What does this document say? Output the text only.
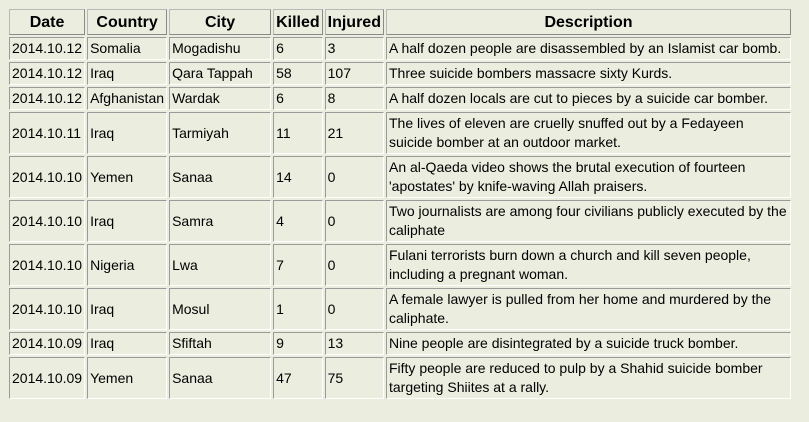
Date	Country	City	Killed	Injured	Description
2014.10.12	Somalia	Mogadishu	6	3	A half dozen people are disassembled by an Islamist car bomb.
2014.10.12	Iraq	Qara Tappah	58	107	Three suicide bombers massacre sixty Kurds.
2014.10.12	Afghanistan	Wardak	6	8	A half dozen locals are cut to pieces by a suicide car bomber.
2014.10.11	Iraq	Tarmiyah	11	21	The lives of eleven are cruelly snuffed out by a Fedayeen suicide bomber at an outdoor market.
2014.10.10	Yemen	Sanaa	14	0	An al-Qaeda video shows the brutal execution of fourteen 'apostates' by knife-waving Allah praisers.
2014.10.10	Iraq	Samra	4	0	Two journalists are among four civilians publicly executed by the caliphate
2014.10.10	Nigeria	Lwa	7	0	Fulani terrorists burn down a church and kill seven people, including a pregnant woman.
2014.10.10	Iraq	Mosul	1	0	A female lawyer is pulled from her home and murdered by the caliphate.
2014.10.09	Iraq	Sfiftah	9	13	Nine people are disintegrated by a suicide truck bomber.
2014.10.09	Yemen	Sanaa	47	75	Fifty people are reduced to pulp by a Shahid suicide bomber targeting Shiites at a rally.
